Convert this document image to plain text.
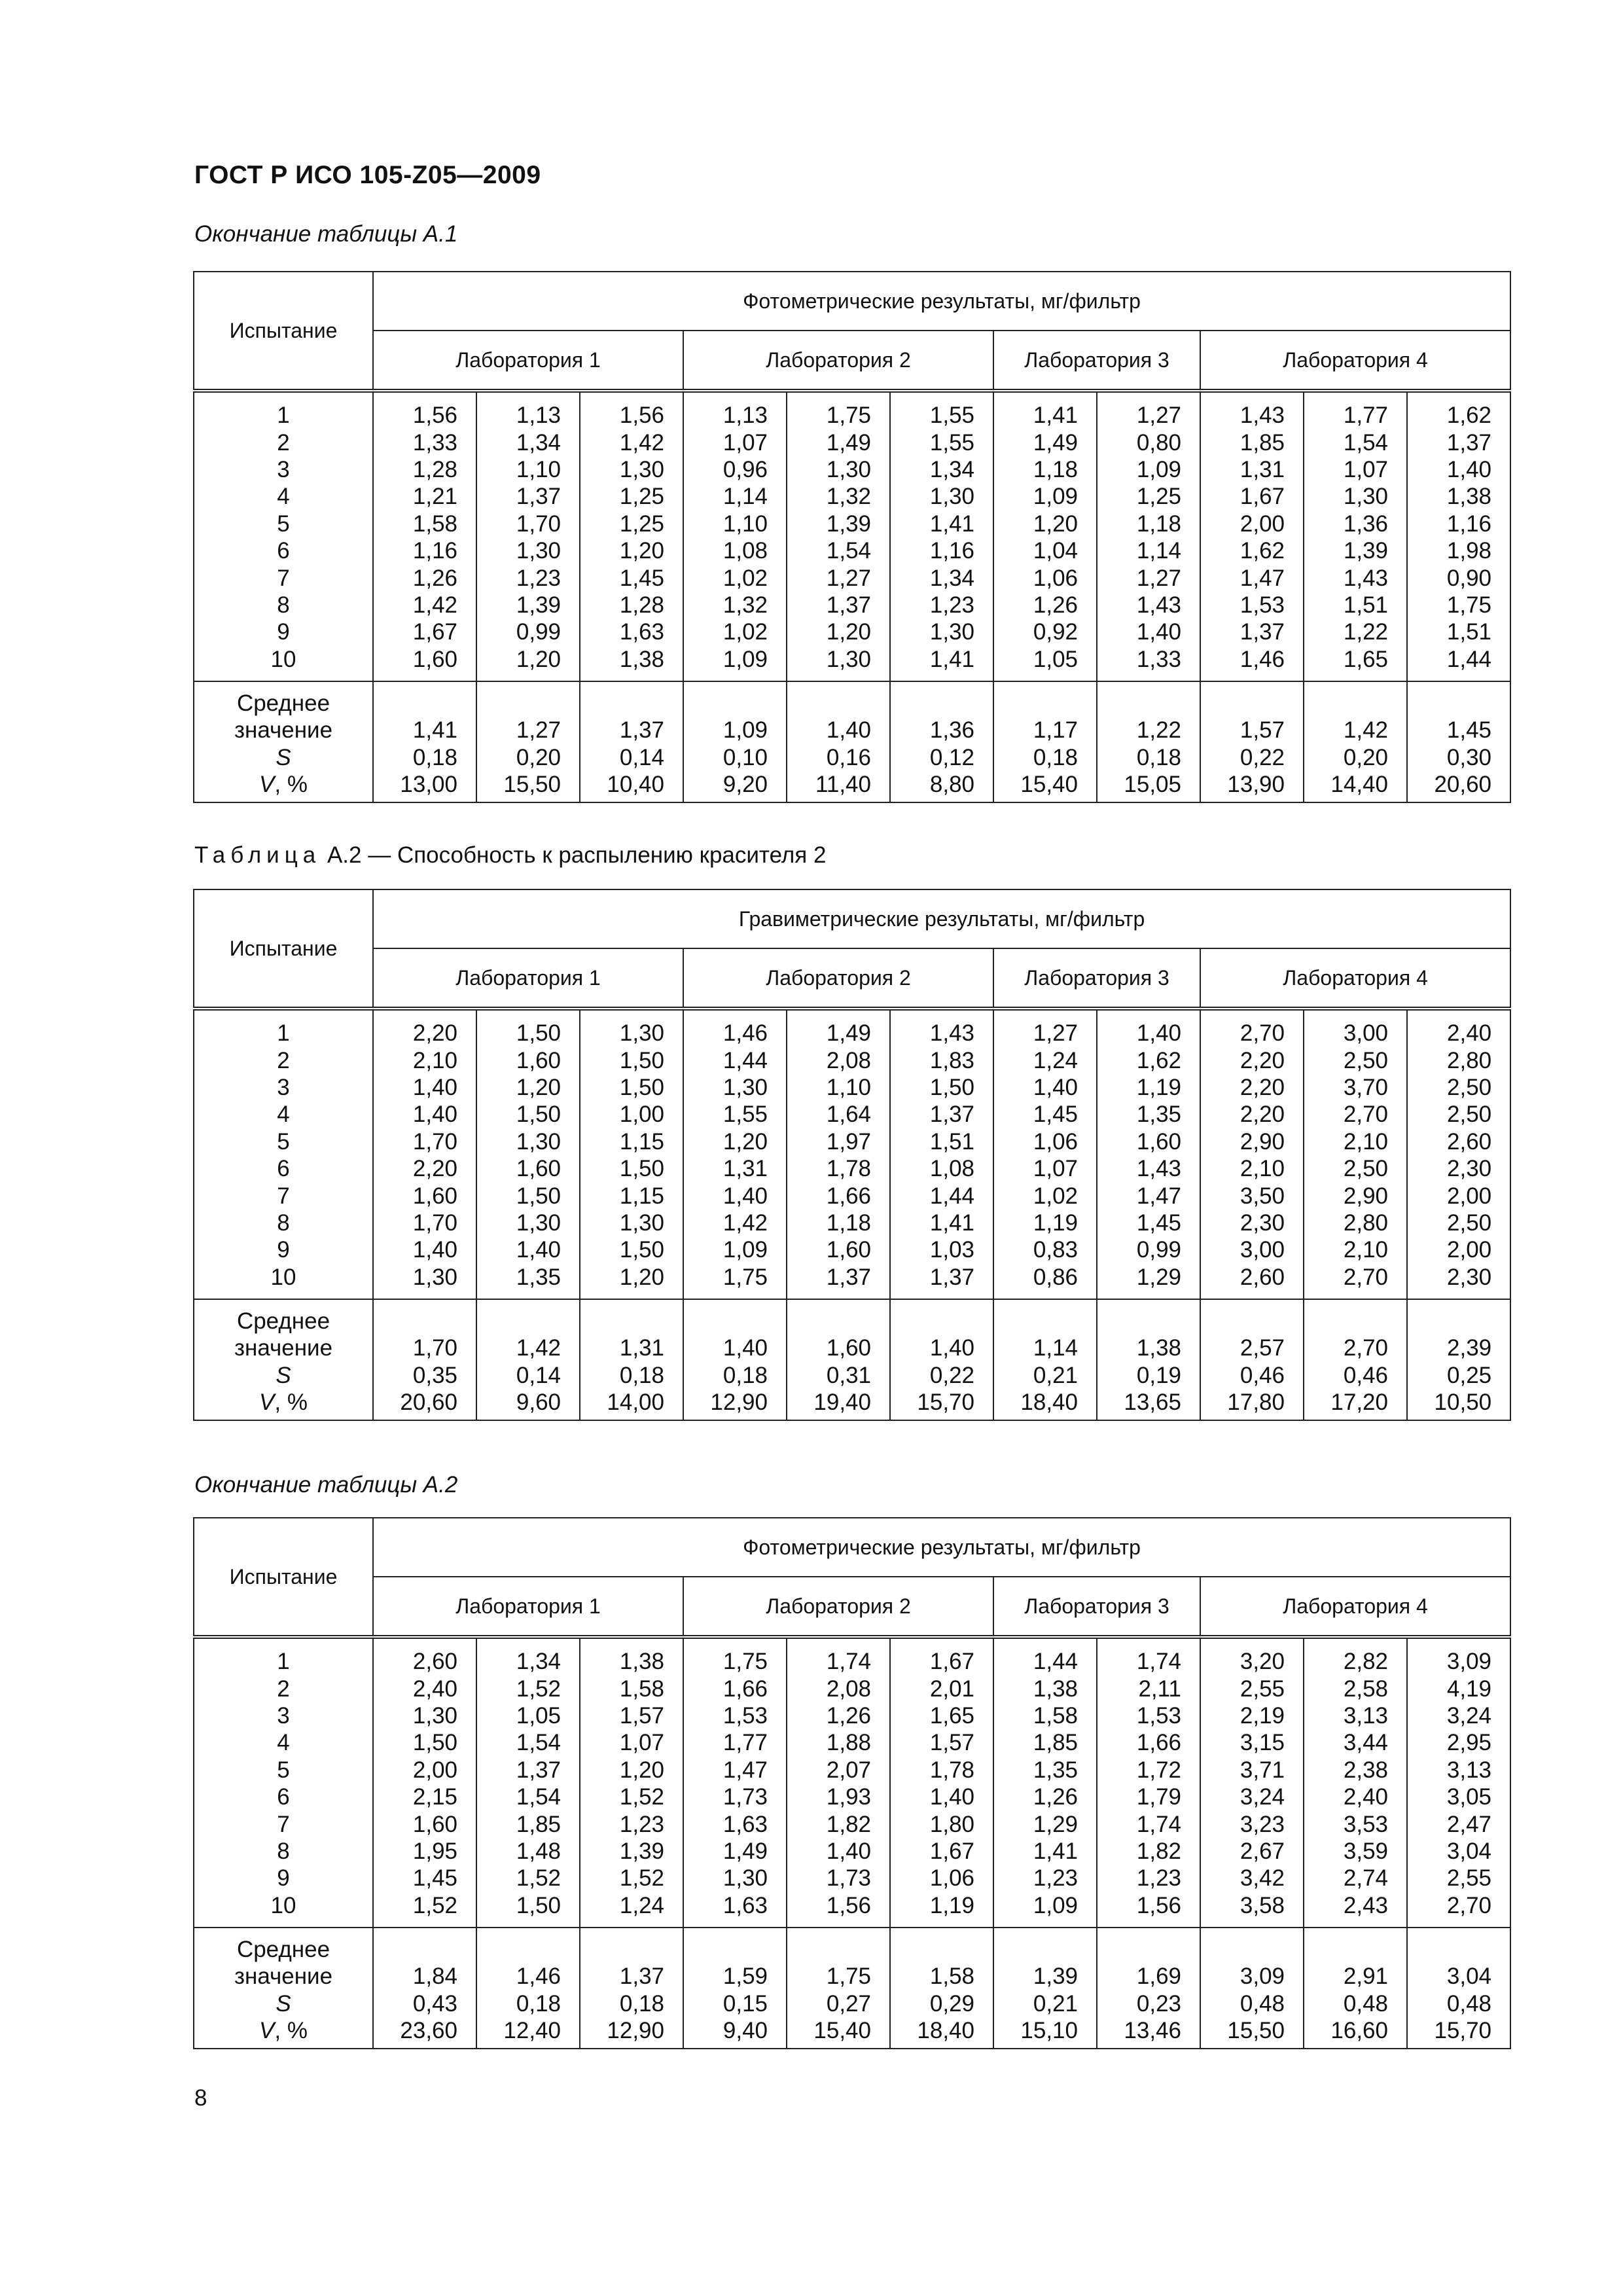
ГОСТ Р ИСО 105-Z05—2009
Окончание таблицы А.1
Испытание	Фотометрические результаты, мг/фильтр										
	Лаборатория 1			Лаборатория 2			Лаборатория 3		Лаборатория 4		
1	1,56	1,13	1,56	1,13	1,75	1,55	1,41	1,27	1,43	1,77	1,62
2	1,33	1,34	1,42	1,07	1,49	1,55	1,49	0,80	1,85	1,54	1,37
3	1,28	1,10	1,30	0,96	1,30	1,34	1,18	1,09	1,31	1,07	1,40
4	1,21	1,37	1,25	1,14	1,32	1,30	1,09	1,25	1,67	1,30	1,38
5	1,58	1,70	1,25	1,10	1,39	1,41	1,20	1,18	2,00	1,36	1,16
6	1,16	1,30	1,20	1,08	1,54	1,16	1,04	1,14	1,62	1,39	1,98
7	1,26	1,23	1,45	1,02	1,27	1,34	1,06	1,27	1,47	1,43	0,90
8	1,42	1,39	1,28	1,32	1,37	1,23	1,26	1,43	1,53	1,51	1,75
9	1,67	0,99	1,63	1,02	1,20	1,30	0,92	1,40	1,37	1,22	1,51
10	1,60	1,20	1,38	1,09	1,30	1,41	1,05	1,33	1,46	1,65	1,44
Среднее											
значение	1,41	1,27	1,37	1,09	1,40	1,36	1,17	1,22	1,57	1,42	1,45
S	0,18	0,20	0,14	0,10	0,16	0,12	0,18	0,18	0,22	0,20	0,30
V, %	13,00	15,50	10,40	9,20	11,40	8,80	15,40	15,05	13,90	14,40	20,60
Таблица А.2 — Способность к распылению красителя 2
Испытание	Гравиметрические результаты, мг/фильтр										
	Лаборатория 1			Лаборатория 2			Лаборатория 3		Лаборатория 4		
1	2,20	1,50	1,30	1,46	1,49	1,43	1,27	1,40	2,70	3,00	2,40
2	2,10	1,60	1,50	1,44	2,08	1,83	1,24	1,62	2,20	2,50	2,80
3	1,40	1,20	1,50	1,30	1,10	1,50	1,40	1,19	2,20	3,70	2,50
4	1,40	1,50	1,00	1,55	1,64	1,37	1,45	1,35	2,20	2,70	2,50
5	1,70	1,30	1,15	1,20	1,97	1,51	1,06	1,60	2,90	2,10	2,60
6	2,20	1,60	1,50	1,31	1,78	1,08	1,07	1,43	2,10	2,50	2,30
7	1,60	1,50	1,15	1,40	1,66	1,44	1,02	1,47	3,50	2,90	2,00
8	1,70	1,30	1,30	1,42	1,18	1,41	1,19	1,45	2,30	2,80	2,50
9	1,40	1,40	1,50	1,09	1,60	1,03	0,83	0,99	3,00	2,10	2,00
10	1,30	1,35	1,20	1,75	1,37	1,37	0,86	1,29	2,60	2,70	2,30
Среднее											
значение	1,70	1,42	1,31	1,40	1,60	1,40	1,14	1,38	2,57	2,70	2,39
S	0,35	0,14	0,18	0,18	0,31	0,22	0,21	0,19	0,46	0,46	0,25
V, %	20,60	9,60	14,00	12,90	19,40	15,70	18,40	13,65	17,80	17,20	10,50
Окончание таблицы А.2
Испытание	Фотометрические результаты, мг/фильтр										
	Лаборатория 1			Лаборатория 2			Лаборатория 3		Лаборатория 4		
1	2,60	1,34	1,38	1,75	1,74	1,67	1,44	1,74	3,20	2,82	3,09
2	2,40	1,52	1,58	1,66	2,08	2,01	1,38	2,11	2,55	2,58	4,19
3	1,30	1,05	1,57	1,53	1,26	1,65	1,58	1,53	2,19	3,13	3,24
4	1,50	1,54	1,07	1,77	1,88	1,57	1,85	1,66	3,15	3,44	2,95
5	2,00	1,37	1,20	1,47	2,07	1,78	1,35	1,72	3,71	2,38	3,13
6	2,15	1,54	1,52	1,73	1,93	1,40	1,26	1,79	3,24	2,40	3,05
7	1,60	1,85	1,23	1,63	1,82	1,80	1,29	1,74	3,23	3,53	2,47
8	1,95	1,48	1,39	1,49	1,40	1,67	1,41	1,82	2,67	3,59	3,04
9	1,45	1,52	1,52	1,30	1,73	1,06	1,23	1,23	3,42	2,74	2,55
10	1,52	1,50	1,24	1,63	1,56	1,19	1,09	1,56	3,58	2,43	2,70
Среднее											
значение	1,84	1,46	1,37	1,59	1,75	1,58	1,39	1,69	3,09	2,91	3,04
S	0,43	0,18	0,18	0,15	0,27	0,29	0,21	0,23	0,48	0,48	0,48
V, %	23,60	12,40	12,90	9,40	15,40	18,40	15,10	13,46	15,50	16,60	15,70
8
